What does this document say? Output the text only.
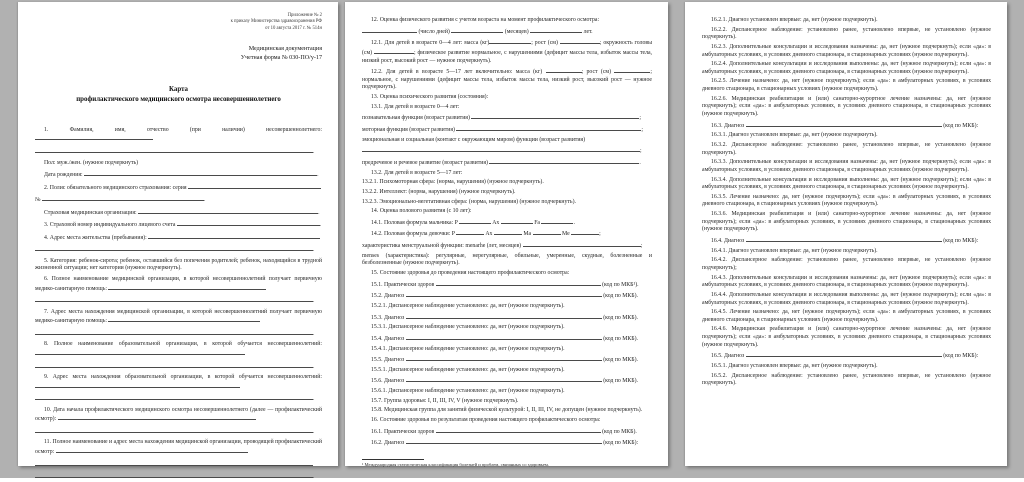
Приложение № 2
к приказу Министерства здравоохранения РФ
от 10 августа 2017 г. № 514н
Медицинская документация
Учетная форма № 030-ПО/у-17
Карта
профилактического медицинского осмотра несовершеннолетнего

1. Фамилия, имя, отчество (при наличии) несовершеннолетнего:

.

Пол: муж./жен. (нужное подчеркнуть)

Дата рождения:	.

2. Полис обязательного медицинского страхования: серия

№	.

Страховая медицинская организация:	.

3. Страховой номер индивидуального лицевого счета	.

4. Адрес места жительства (пребывания):

.

5. Категория: ребенок-сирота; ребенок, оставшийся без попечения родителей; ребенок, находящийся в трудной жизненной ситуации; нет категории (нужное подчеркнуть).

6. Полное наименование медицинской организации, в которой несовершеннолетний получает первичную медико-санитарную помощь:

.

7. Адрес места нахождения медицинской организации, в которой несовершеннолетний получает первичную медико-санитарную помощь:

.

8. Полное наименование образовательной организации, в которой обучается несовершеннолетний:

.

9. Адрес места нахождения образовательной организации, в которой обучается несовершеннолетний:

.

10. Дата начала профилактического медицинского осмотра несовершеннолетнего (далее — профилактический осмотр):

.

11. Полное наименование и адрес места нахождения медицинской организации, проводящей профилактический осмотр:

.

12. Оценка физического развития с учетом возраста на момент профилактического осмотра:

(число дней)	(месяцев)	лет.

12.1. Для детей в возрасте 0—4 лет: масса (кг)	; рост (см)	; окружность головы (см)	; физическое развитие нормальное, с нарушениями (дефицит массы тела, избыток массы тела, низкий рост, высокий рост — нужное подчеркнуть).

12.2. Для детей в возрасте 5—17 лет включительно: масса (кг)	; рост (см)	; нормальное, с нарушениями (дефицит массы тела, избыток массы тела, низкий рост, высокий рост — нужное подчеркнуть).

13. Оценка психического развития (состояния):

13.1. Для детей в возрасте 0—4 лет:

познавательная функция (возраст развития)	;

моторная функция (возраст развития)	;

эмоциональная и социальная (контакт с окружающим миром) функции (возраст развития)

;

предречевое и речевое развитие (возраст развития)	.

13.2. Для детей в возрасте 5—17 лет:

13.2.1. Психомоторная сфера: (норма, нарушения) (нужное подчеркнуть).

13.2.2. Интеллект: (норма, нарушения) (нужное подчеркнуть).

13.2.3. Эмоционально-вегетативная сфера: (норма, нарушения) (нужное подчеркнуть).

14. Оценка полового развития (с 10 лет):

14.1. Половая формула мальчика: P	Ax	Fa	.

14.2. Половая формула девочки: P	Ax	Ma	Me	;

характеристика менструальной функции: menarhe (лет, месяцев)	;

menses (характеристика): регулярные, нерегулярные, обильные, умеренные, скудные, болезненные и безболезненные (нужное подчеркнуть).

15. Состояние здоровья до проведения настоящего профилактического осмотра:

15.1. Практически здоров	(код по МКБ¹).

15.2. Диагноз	(код по МКБ).

15.2.1. Диспансерное наблюдение установлено: да, нет (нужное подчеркнуть).

15.3. Диагноз	(код по МКБ).

15.3.1. Диспансерное наблюдение установлено: да, нет (нужное подчеркнуть).

15.4. Диагноз	(код по МКБ).

15.4.1. Диспансерное наблюдение установлено: да, нет (нужное подчеркнуть).

15.5. Диагноз	(код по МКБ).

15.5.1. Диспансерное наблюдение установлено: да, нет (нужное подчеркнуть).

15.6. Диагноз	(код по МКБ).

15.6.1. Диспансерное наблюдение установлено: да, нет (нужное подчеркнуть).

15.7. Группа здоровья: I, II, III, IV, V (нужное подчеркнуть).

15.8. Медицинская группа для занятий физической культурой: I, II, III, IV, не допущен (нужное подчеркнуть).

16. Состояние здоровья по результатам проведения настоящего профилактического осмотра:

16.1. Практически здоров	(код по МКБ).

16.2. Диагноз	(код по МКБ):

¹ Международная статистическая классификация болезней и проблем, связанных со здоровьем.

16.2.1. Диагноз установлен впервые: да, нет (нужное подчеркнуть).

16.2.2. Диспансерное наблюдение: установлено ранее, установлено впервые, не установлено (нужное подчеркнуть).

16.2.3. Дополнительные консультации и исследования назначены: да, нет (нужное подчеркнуть); если «да»: в амбулаторных условиях, в условиях дневного стационара, в стационарных условиях (нужное подчеркнуть).

16.2.4. Дополнительные консультации и исследования выполнены: да, нет (нужное подчеркнуть); если «да»: в амбулаторных условиях, в условиях дневного стационара, в стационарных условиях (нужное подчеркнуть).

16.2.5. Лечение назначено: да, нет (нужное подчеркнуть); если «да»: в амбулаторных условиях, в условиях дневного стационара, в стационарных условиях (нужное подчеркнуть).

16.2.6. Медицинская реабилитация и (или) санаторно-курортное лечение назначены: да, нет (нужное подчеркнуть); если «да»: в амбулаторных условиях, в условиях дневного стационара, в стационарных условиях (нужное подчеркнуть).

16.3. Диагноз	(код по МКБ):

16.3.1. Диагноз установлен впервые: да, нет (нужное подчеркнуть).

16.3.2. Диспансерное наблюдение: установлено ранее, установлено впервые, не установлено (нужное подчеркнуть).

16.3.3. Дополнительные консультации и исследования назначены: да, нет (нужное подчеркнуть); если «да»: в амбулаторных условиях, в условиях дневного стационара, в стационарных условиях (нужное подчеркнуть).

16.3.4. Дополнительные консультации и исследования выполнены: да, нет (нужное подчеркнуть); если «да»: в амбулаторных условиях, в условиях дневного стационара, в стационарных условиях (нужное подчеркнуть).

16.3.5. Лечение назначено: да, нет (нужное подчеркнуть); если «да»: в амбулаторных условиях, в условиях дневного стационара, в стационарных условиях (нужное подчеркнуть).

16.3.6. Медицинская реабилитация и (или) санаторно-курортное лечение назначены: да, нет (нужное подчеркнуть); если «да»: в амбулаторных условиях, в условиях дневного стационара, в стационарных условиях (нужное подчеркнуть).

16.4. Диагноз	(код по МКБ):

16.4.1. Диагноз установлен впервые: да, нет (нужное подчеркнуть).

16.4.2. Диспансерное наблюдение: установлено ранее, установлено впервые, не установлено (нужное подчеркнуть);

16.4.3. Дополнительные консультации и исследования назначены: да, нет (нужное подчеркнуть); если «да»: в амбулаторных условиях, в условиях дневного стационара, в стационарных условиях (нужное подчеркнуть).

16.4.4. Дополнительные консультации и исследования выполнены: да, нет (нужное подчеркнуть); если «да»: в амбулаторных условиях, в условиях дневного стационара, в стационарных условиях (нужное подчеркнуть).

16.4.5. Лечение назначено: да, нет (нужное подчеркнуть); если «да»: в амбулаторных условиях, в условиях дневного стационара, в стационарных условиях (нужное подчеркнуть).

16.4.6. Медицинская реабилитация и (или) санаторно-курортное лечение назначены: да, нет (нужное подчеркнуть); если «да»: в амбулаторных условиях, в условиях дневного стационара, в стационарных условиях (нужное подчеркнуть).

16.5. Диагноз	(код по МКБ):

16.5.1. Диагноз установлен впервые: да, нет (нужное подчеркнуть).

16.5.2. Диспансерное наблюдение: установлено ранее, установлено впервые, не установлено (нужное подчеркнуть).
